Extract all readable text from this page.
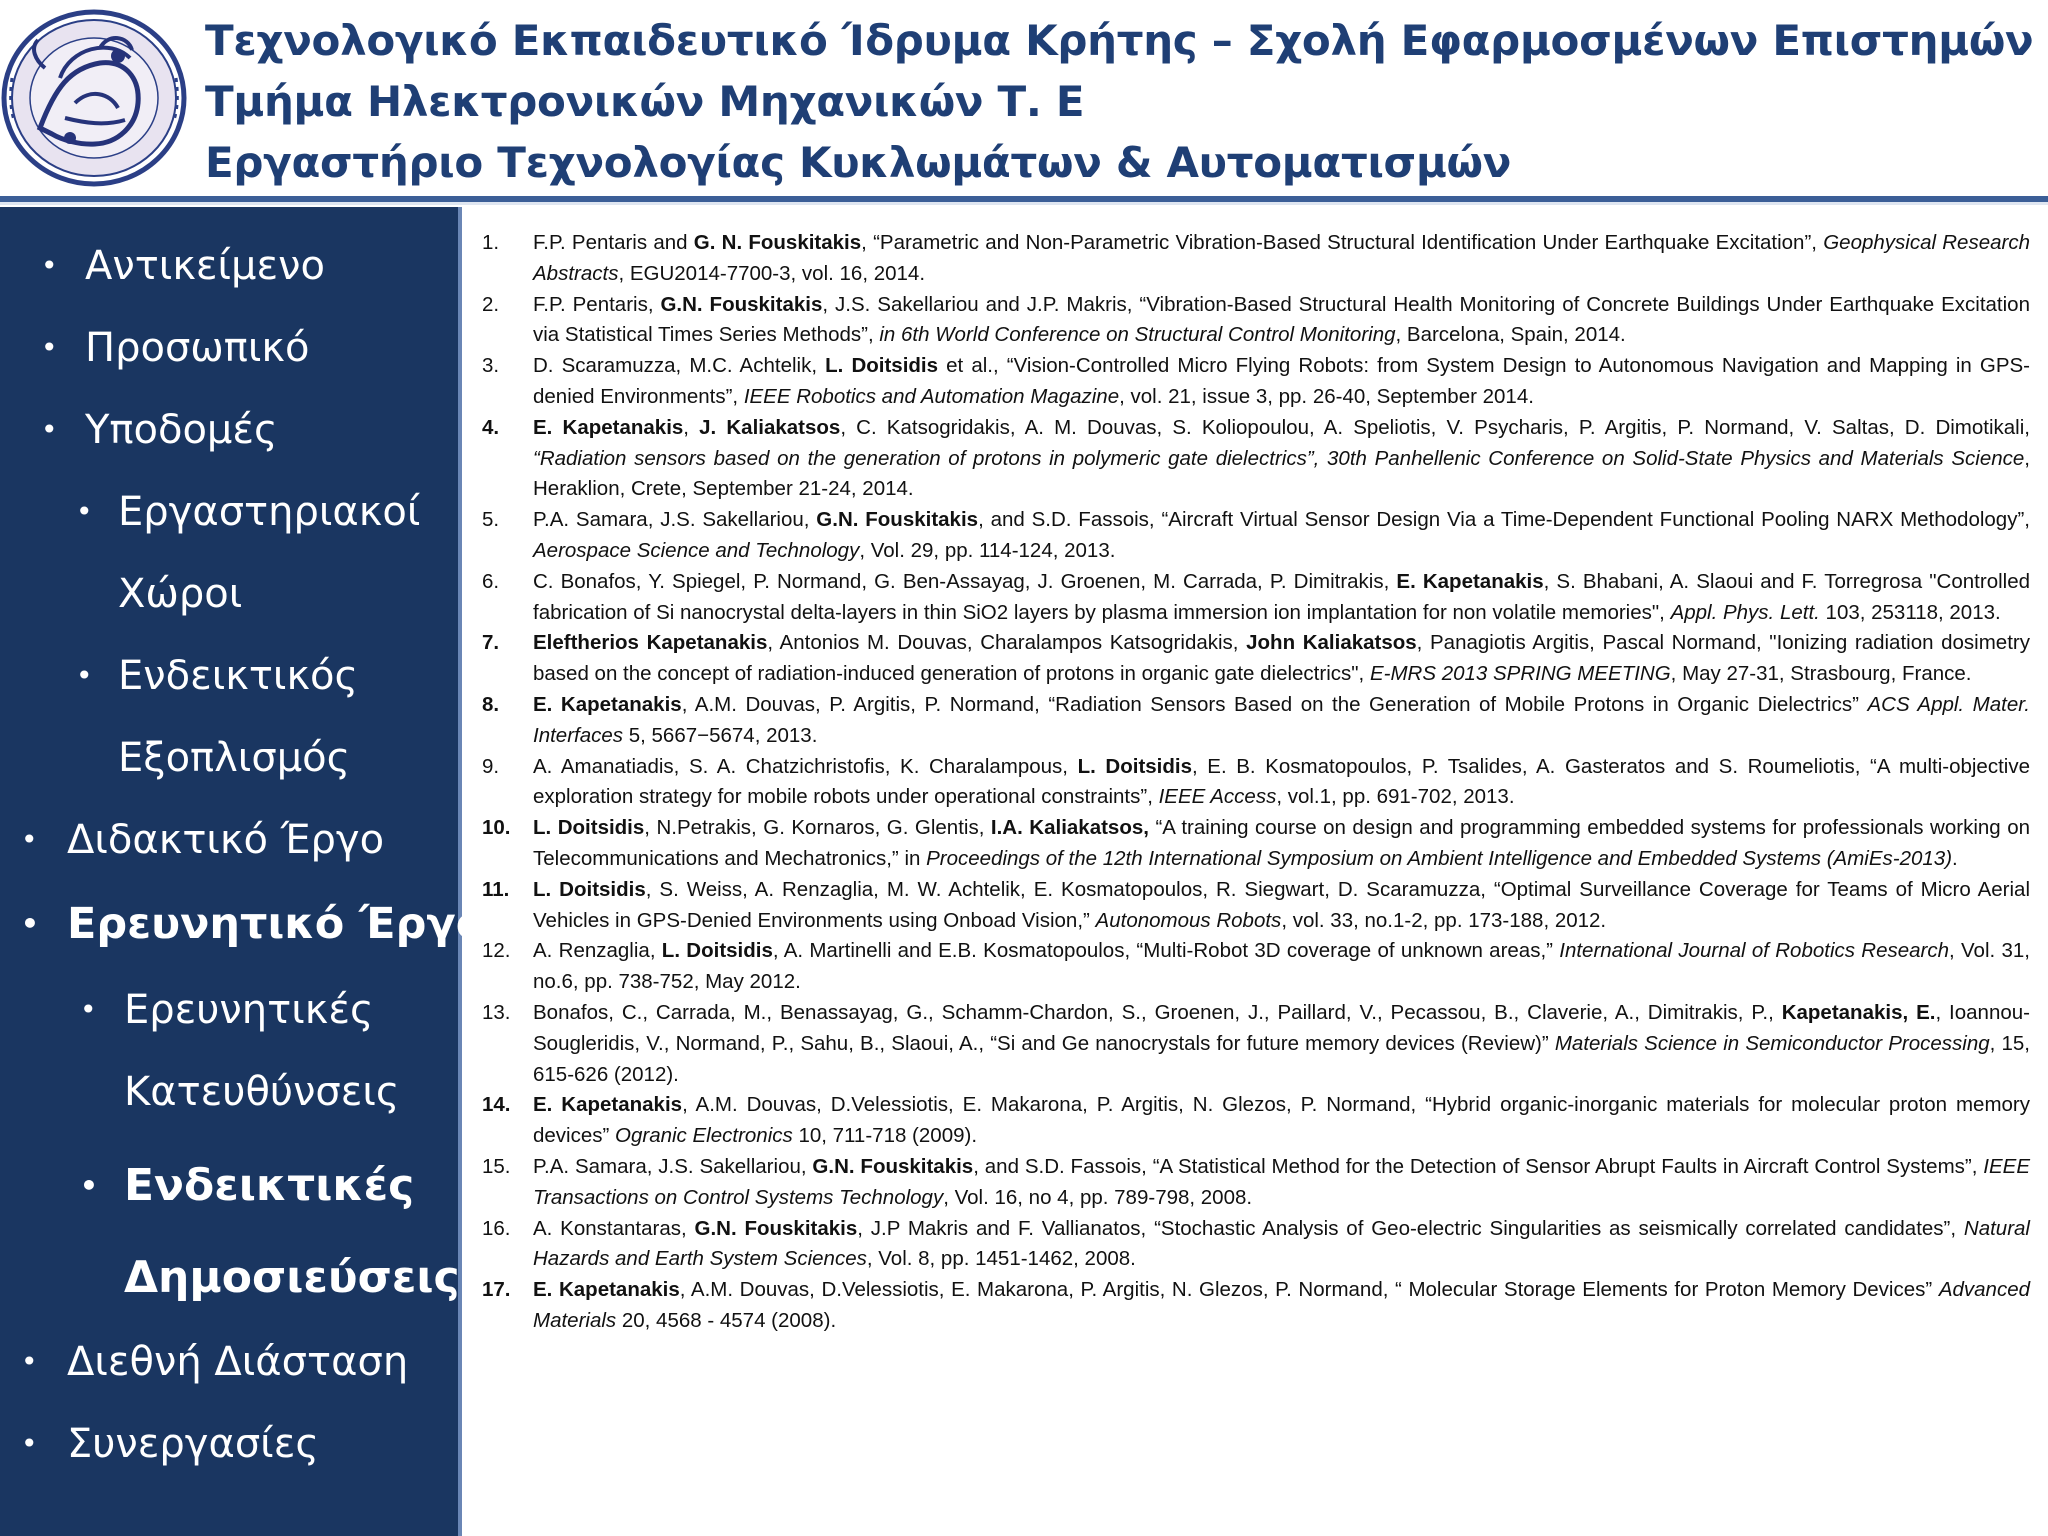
Τεχνολογικό Εκπαιδευτικό Ίδρυμα Κρήτης – Σχολή Εφαρμοσμένων Επιστημών
Τμήμα Ηλεκτρονικών Μηχανικών Τ. Ε
Εργαστήριο Τεχνολογίας Κυκλωμάτων & Αυτοματισμών
• Αντικείμενο
• Προσωπικό
• Υποδομές
• Εργαστηριακοί
Χώροι
• Ενδεικτικός
Εξοπλισμός
• Διδακτικό Έργο
• Ερευνητικό Έργο
• Ερευνητικές
Κατευθύνσεις
• Ενδεικτικές
Δημοσιεύσεις
• Διεθνή Διάσταση
• Συνεργασίες
1.	F.P. Pentaris and G. N. Fouskitakis, “Parametric and Non-Parametric Vibration-Based Structural Identification Under Earthquake Excitation”, Geophysical Research Abstracts, EGU2014-7700-3, vol. 16, 2014.
2.	F.P. Pentaris, G.N. Fouskitakis, J.S. Sakellariou and J.P. Makris, “Vibration-Based Structural Health Monitoring of Concrete Buildings Under Earthquake Excitation via Statistical Times Series Methods”, in 6th World Conference on Structural Control Monitoring, Barcelona, Spain, 2014.
3.	D. Scaramuzza, M.C. Achtelik, L. Doitsidis et al., “Vision-Controlled Micro Flying Robots: from System Design to Autonomous Navigation and Mapping in GPS-denied Environments”, IEEE Robotics and Automation Magazine, vol. 21, issue 3, pp. 26-40, September 2014.
4.	E. Kapetanakis, J. Kaliakatsos, C. Katsogridakis, A. M. Douvas, S. Koliopoulou, A. Speliotis, V. Psycharis, P. Argitis, P. Normand, V. Saltas, D. Dimotikali, “Radiation sensors based on the generation of protons in polymeric gate dielectrics”, 30th Panhellenic Conference on Solid-State Physics and Materials Science, Heraklion, Crete, September 21-24, 2014.
5.	P.A. Samara, J.S. Sakellariou, G.N. Fouskitakis, and S.D. Fassois, “Aircraft Virtual Sensor Design Via a Time-Dependent Functional Pooling NARX Methodology”, Aerospace Science and Technology, Vol. 29, pp. 114-124, 2013.
6.	C. Bonafos, Y. Spiegel, P. Normand, G. Ben-Assayag, J. Groenen, M. Carrada, P. Dimitrakis, E. Kapetanakis, S. Bhabani, A. Slaoui and F. Torregrosa "Controlled fabrication of Si nanocrystal delta-layers in thin SiO2 layers by plasma immersion ion implantation for non volatile memories", Appl. Phys. Lett. 103, 253118, 2013.
7.	Eleftherios Kapetanakis, Antonios M. Douvas, Charalampos Katsogridakis, John Kaliakatsos, Panagiotis Argitis, Pascal Normand, "Ionizing radiation dosimetry based on the concept of radiation-induced generation of protons in organic gate dielectrics", E-MRS 2013 SPRING MEETING, May 27-31, Strasbourg, France.
8.	E. Kapetanakis, A.M. Douvas, P. Argitis, P. Normand, “Radiation Sensors Based on the Generation of Mobile Protons in Organic Dielectrics” ACS Appl. Mater. Interfaces 5, 5667−5674, 2013.
9.	A. Amanatiadis, S. A. Chatzichristofis, K. Charalampous, L. Doitsidis, E. B. Kosmatopoulos, P. Tsalides, A. Gasteratos and S. Roumeliotis, “A multi-objective exploration strategy for mobile robots under operational constraints”, IEEE Access, vol.1, pp. 691-702, 2013.
10.	L. Doitsidis, N.Petrakis, G. Kornaros, G. Glentis, I.A. Kaliakatsos, “A training course on design and programming embedded systems for professionals working on Telecommunications and Mechatronics,” in Proceedings of the 12th International Symposium on Ambient Intelligence and Embedded Systems (AmiEs-2013).
11.	L. Doitsidis, S. Weiss, A. Renzaglia, M. W. Achtelik, E. Kosmatopoulos, R. Siegwart, D. Scaramuzza, “Optimal Surveillance Coverage for Teams of Micro Aerial Vehicles in GPS-Denied Environments using Onboad Vision,” Autonomous Robots, vol. 33, no.1-2, pp. 173-188, 2012.
12.	A. Renzaglia, L. Doitsidis, A. Martinelli and E.B. Kosmatopoulos, “Multi-Robot 3D coverage of unknown areas,” International Journal of Robotics Research, Vol. 31, no.6, pp. 738-752, May 2012.
13.	Bonafos, C., Carrada, M., Benassayag, G., Schamm-Chardon, S., Groenen, J., Paillard, V., Pecassou, B., Claverie, A., Dimitrakis, P., Kapetanakis, E., Ioannou-Sougleridis, V., Normand, P., Sahu, B., Slaoui, A., “Si and Ge nanocrystals for future memory devices (Review)” Materials Science in Semiconductor Processing, 15, 615-626 (2012).
14.	E. Kapetanakis, A.M. Douvas, D.Velessiotis, E. Makarona, P. Argitis, N. Glezos, P. Normand, “Hybrid organic-inorganic materials for molecular proton memory devices” Ogranic Electronics 10, 711-718 (2009).
15.	P.A. Samara, J.S. Sakellariou, G.N. Fouskitakis, and S.D. Fassois, “A Statistical Method for the Detection of Sensor Abrupt Faults in Aircraft Control Systems”, IEEE Transactions on Control Systems Technology, Vol. 16, no 4, pp. 789-798, 2008.
16.	A. Konstantaras, G.N. Fouskitakis, J.P Makris and F. Vallianatos, “Stochastic Analysis of Geo-electric Singularities as seismically correlated candidates”, Natural Hazards and Earth System Sciences, Vol. 8, pp. 1451-1462, 2008.
17.	E. Kapetanakis, A.M. Douvas, D.Velessiotis, E. Makarona, P. Argitis, N. Glezos, P. Normand, “ Molecular Storage Elements for Proton Memory Devices” Advanced Materials 20, 4568 - 4574 (2008).
